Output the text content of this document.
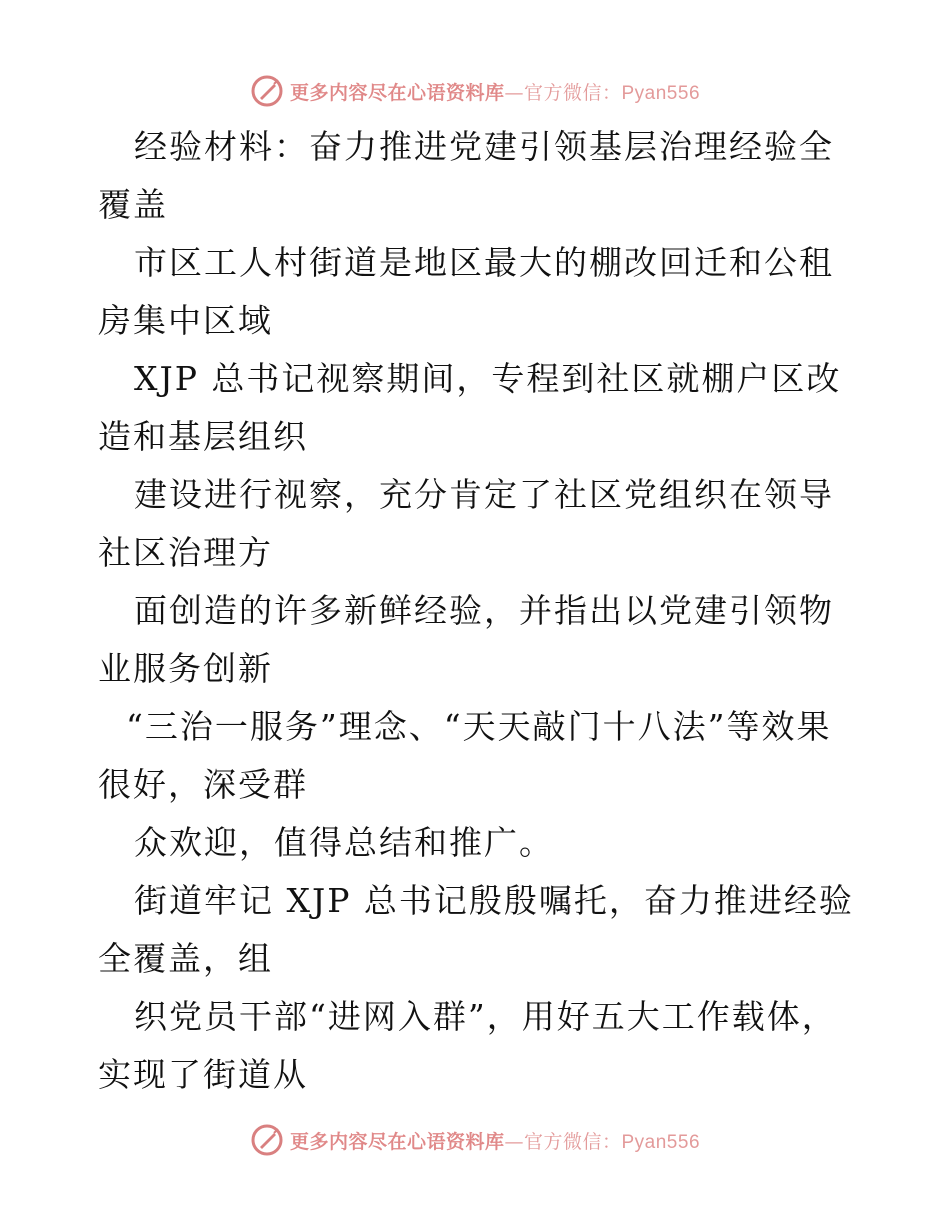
更多内容尽在心语资料库—官方微信：Pyan556

经验材料：奋力推进党建引领基层治理经验全覆盖

市区工人村街道是地区最大的棚改回迁和公租房集中区域

XJP 总书记视察期间，专程到社区就棚户区改造和基层组织

建设进行视察，充分肯定了社区党组织在领导社区治理方

面创造的许多新鲜经验，并指出以党建引领物业服务创新

“三治一服务”理念、“天天敲门十八法”等效果很好，深受群

众欢迎，值得总结和推广。

街道牢记 XJP 总书记殷殷嘱托，奋力推进经验全覆盖，组

织党员干部“进网入群”，用好五大工作载体，实现了街道从

更多内容尽在心语资料库—官方微信：Pyan556
